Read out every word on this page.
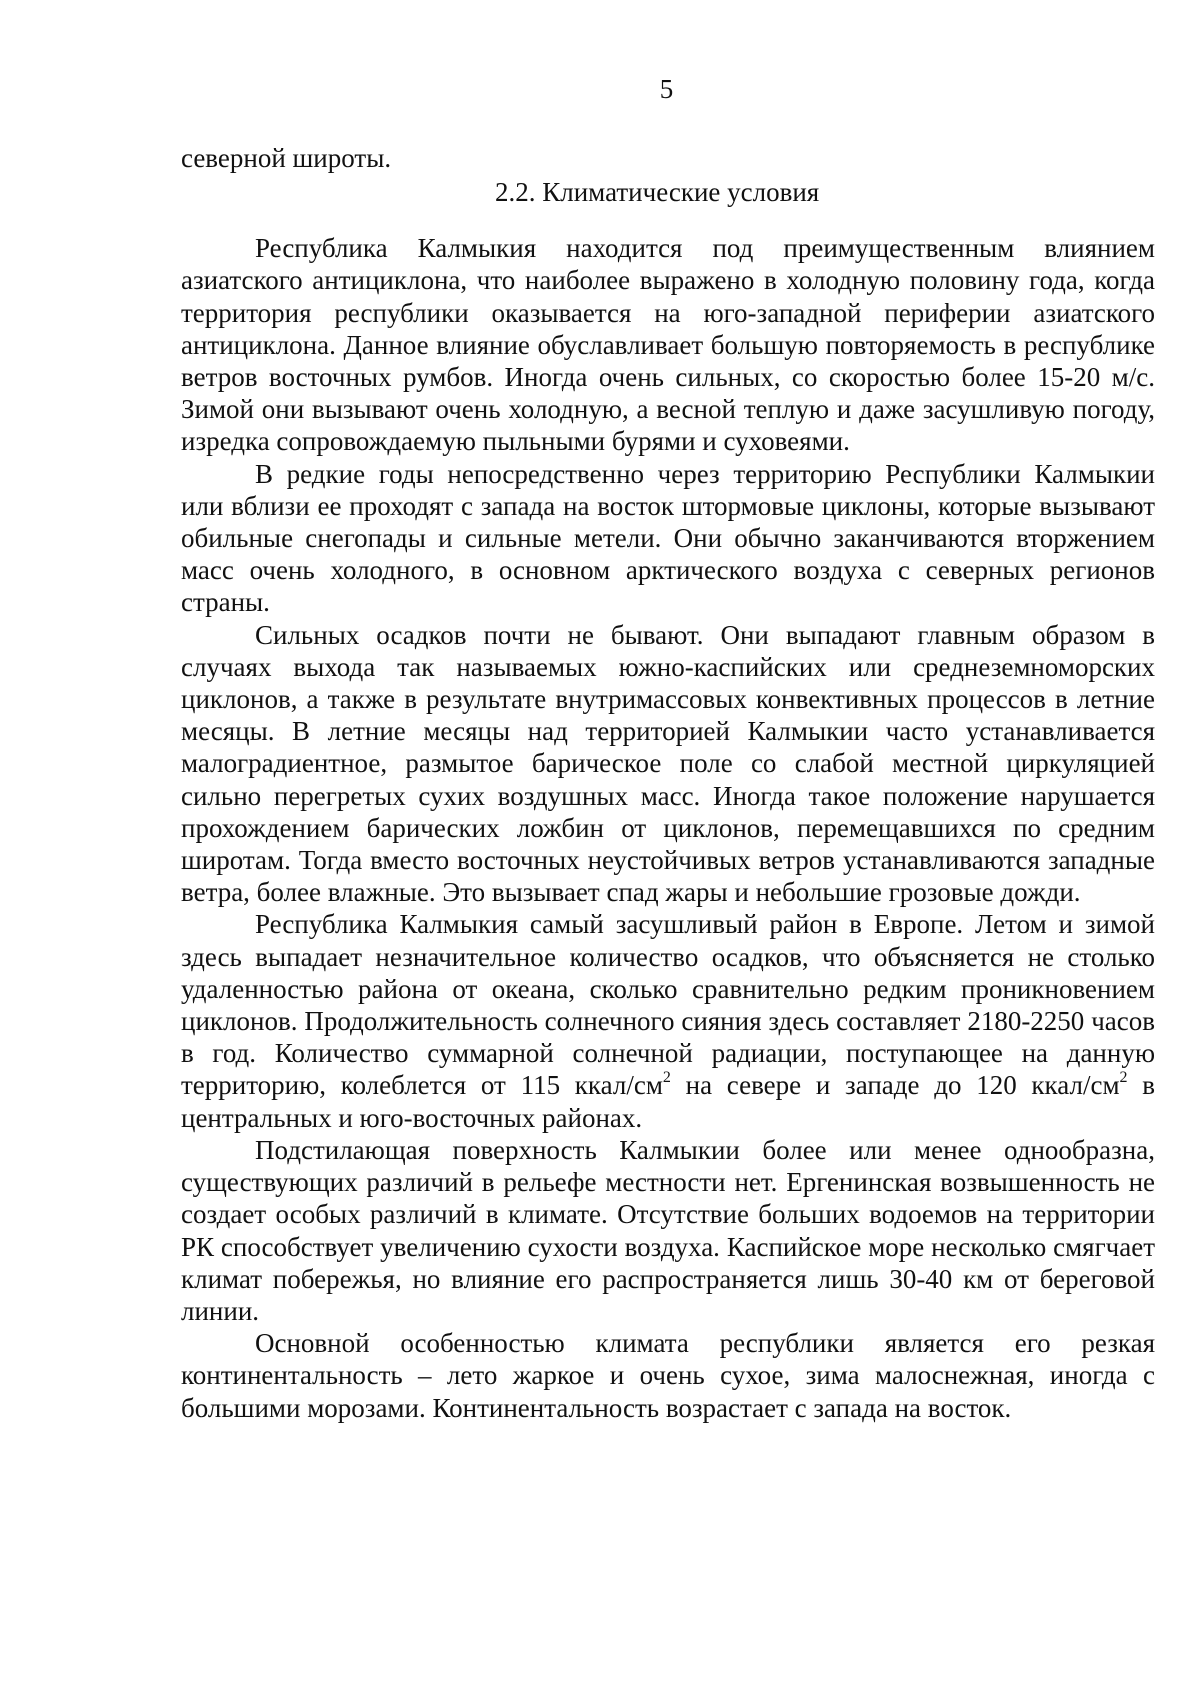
5

северной широты.

2.2. Климатические условия

Республика Калмыкия находится под преимущественным влиянием азиатского антициклона, что наиболее выражено в холодную половину года, когда территория республики оказывается на юго-западной периферии азиатского антициклона. Данное влияние обуславливает большую повторяемость в республике ветров восточных румбов. Иногда очень сильных, со скоростью более 15-20 м/с. Зимой они вызывают очень холодную, а весной теплую и даже засушливую погоду, изредка сопровождаемую пыльными бурями и суховеями.

В редкие годы непосредственно через территорию Республики Калмыкии или вблизи ее проходят с запада на восток штормовые циклоны, которые вызывают обильные снегопады и сильные метели. Они обычно заканчиваются вторжением масс очень холодного, в основном арктического воздуха с северных регионов страны.

Сильных осадков почти не бывают. Они выпадают главным образом в случаях выхода так называемых южно-каспийских или среднеземноморских циклонов, а также в результате внутримассовых конвективных процессов в летние месяцы. В летние месяцы над территорией Калмыкии часто устанавливается малоградиентное, размытое барическое поле со слабой местной циркуляцией сильно перегретых сухих воздушных масс. Иногда такое положение нарушается прохождением барических ложбин от циклонов, перемещавшихся по средним широтам. Тогда вместо восточных неустойчивых ветров устанавливаются западные ветра, более влажные. Это вызывает спад жары и небольшие грозовые дожди.

Республика Калмыкия самый засушливый район в Европе. Летом и зимой здесь выпадает незначительное количество осадков, что объясняется не столько удаленностью района от океана, сколько сравнительно редким проникновением циклонов. Продолжительность солнечного сияния здесь составляет 2180-2250 часов в год. Количество суммарной солнечной радиации, поступающее на данную территорию, колеблется от 115 ккал/$см^2$ на севере и западе до 120 ккал/$см^2$ в центральных и юго-восточных районах.

Подстилающая поверхность Калмыкии более или менее однообразна, существующих различий в рельефе местности нет. Ергенинская возвышенность не создает особых различий в климате. Отсутствие больших водоемов на территории РК способствует увеличению сухости воздуха. Каспийское море несколько смягчает климат побережья, но влияние его распространяется лишь 30-40 км от береговой линии.

Основной особенностью климата республики является его резкая континентальность – лето жаркое и очень сухое, зима малоснежная, иногда с большими морозами. Континентальность возрастает с запада на восток.
